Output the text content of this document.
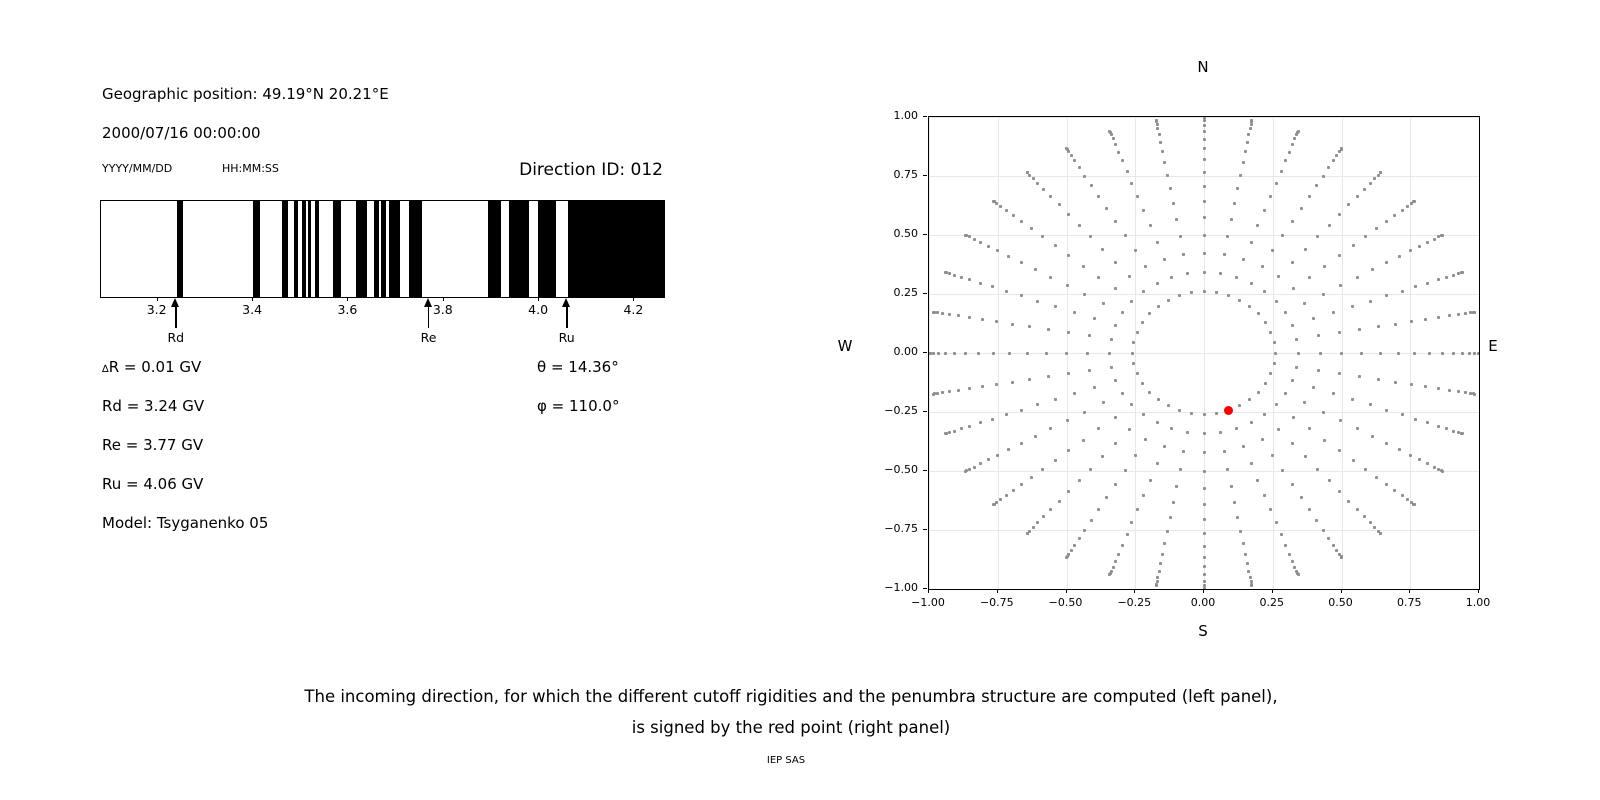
Geographic position: 49.19°N 20.21°E
2000/07/16 00:00:00
YYYY/MM/DD	HH:MM:SS	Direction ID: 012
3.2	3.4	3.6	3.8	4.0	4.2
Rd	Re	Ru
∆R = 0.01 GV
Rd = 3.24 GV
Re = 3.77 GV
Ru = 4.06 GV
Model: Tsyganenko 05
θ = 14.36°
φ = 110.0°
N
S
W	E
−1.00	−0.75	−0.50	−0.25	0.00	0.25	0.50	0.75	1.00
−1.00
−0.75
−0.50
−0.25
0.00
0.25
0.50
0.75
1.00
The incoming direction, for which the different cutoff rigidities and the penumbra structure are computed (left panel),
is signed by the red point (right panel)
IEP SAS
